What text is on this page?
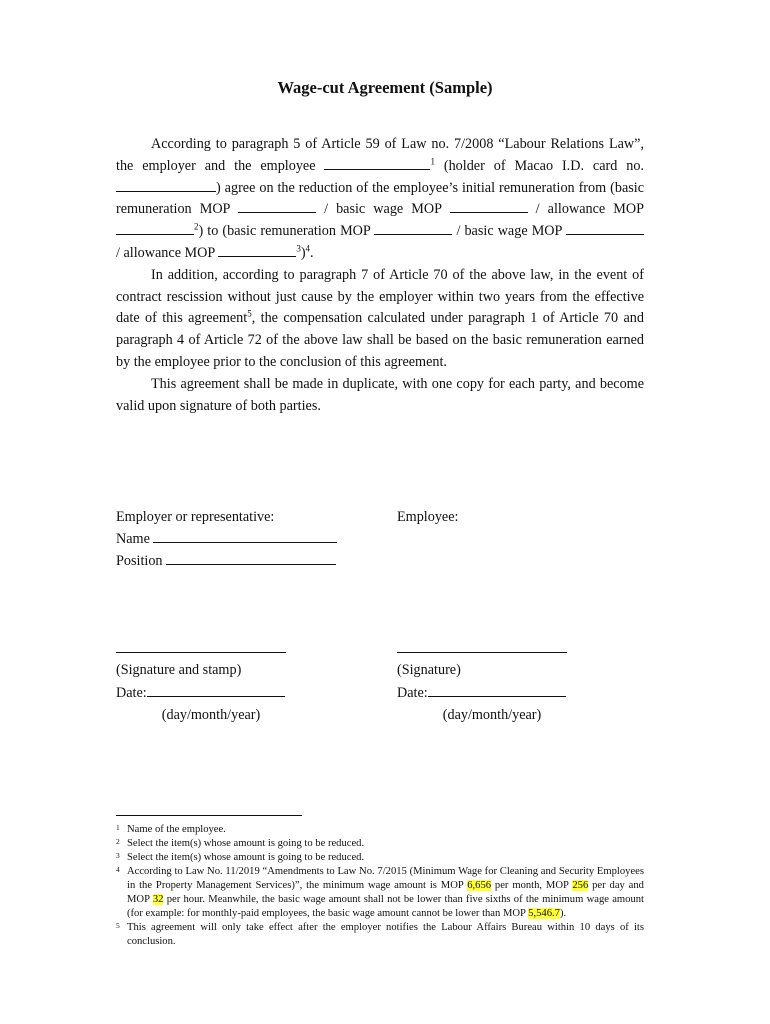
Wage-cut Agreement (Sample)

According to paragraph 5 of Article 59 of Law no. 7/2008 “Labour Relations Law”, the employer and the employee	$^1$ (holder of Macao I.D. card no. ) agree on the reduction of the employee’s initial remuneration from (basic remuneration MOP	/ basic wage MOP	/ allowance MOP $^2$) to (basic remuneration MOP	/ basic wage MOP  / allowance MOP	$^3$)$^4$.

In addition, according to paragraph 7 of Article 70 of the above law, in the event of contract rescission without just cause by the employer within two years from the effective date of this agreement$^5$, the compensation calculated under paragraph 1 of Article 70 and paragraph 4 of Article 72 of the above law shall be based on the basic remuneration earned by the employee prior to the conclusion of this agreement.

This agreement shall be made in duplicate, with one copy for each party, and become valid upon signature of both parties.

Employer or representative:	Employee:
Name
Position
(Signature and stamp)	(Signature)
Date:	Date:
(day/month/year)	(day/month/year)
1 Name of the employee.
2 Select the item(s) whose amount is going to be reduced.
3 Select the item(s) whose amount is going to be reduced.
4 According to Law No. 11/2019 “Amendments to Law No. 7/2015 (Minimum Wage for Cleaning and Security Employees in the Property Management Services)”, the minimum wage amount is MOP 6,656 per month, MOP 256 per day and MOP 32 per hour. Meanwhile, the basic wage amount shall not be lower than five sixths of the minimum wage amount (for example: for monthly-paid employees, the basic wage amount cannot be lower than MOP 5,546.7).
5 This agreement will only take effect after the employer notifies the Labour Affairs Bureau within 10 days of its conclusion.
